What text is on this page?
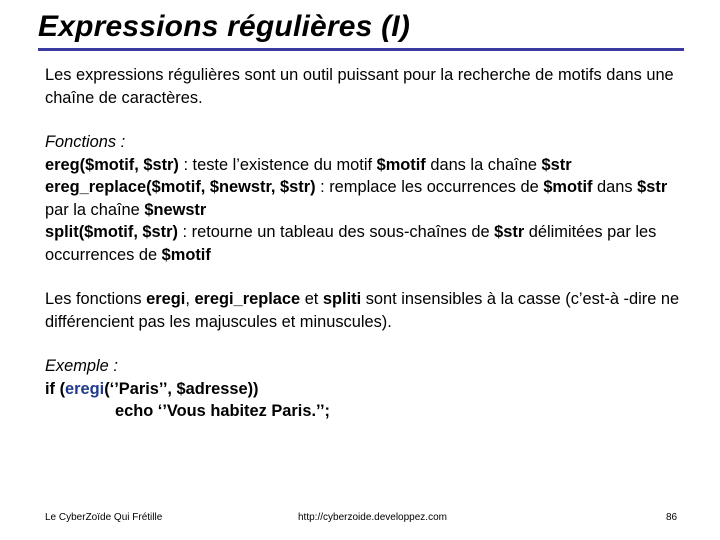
Expressions régulières (I)

Les expressions régulières sont un outil puissant pour la recherche de motifs dans une chaîne de caractères.

Fonctions :

ereg($motif, $str) : teste l’existence du motif $motif dans la chaîne $str

ereg_replace($motif, $newstr, $str) : remplace les occurrences de $motif dans $str par la chaîne $newstr

split($motif, $str) : retourne un tableau des sous-chaînes de $str délimitées par les occurrences de $motif

Les fonctions eregi, eregi_replace et spliti sont insensibles à la casse (c’est-à -dire ne différencient pas les majuscules et minuscules).

Exemple :

if (eregi(‘’Paris’’, $adresse))

echo ‘’Vous habitez Paris.’’;

Le CyberZoïde Qui Frétille	http://cyberzoide.developpez.com	86
